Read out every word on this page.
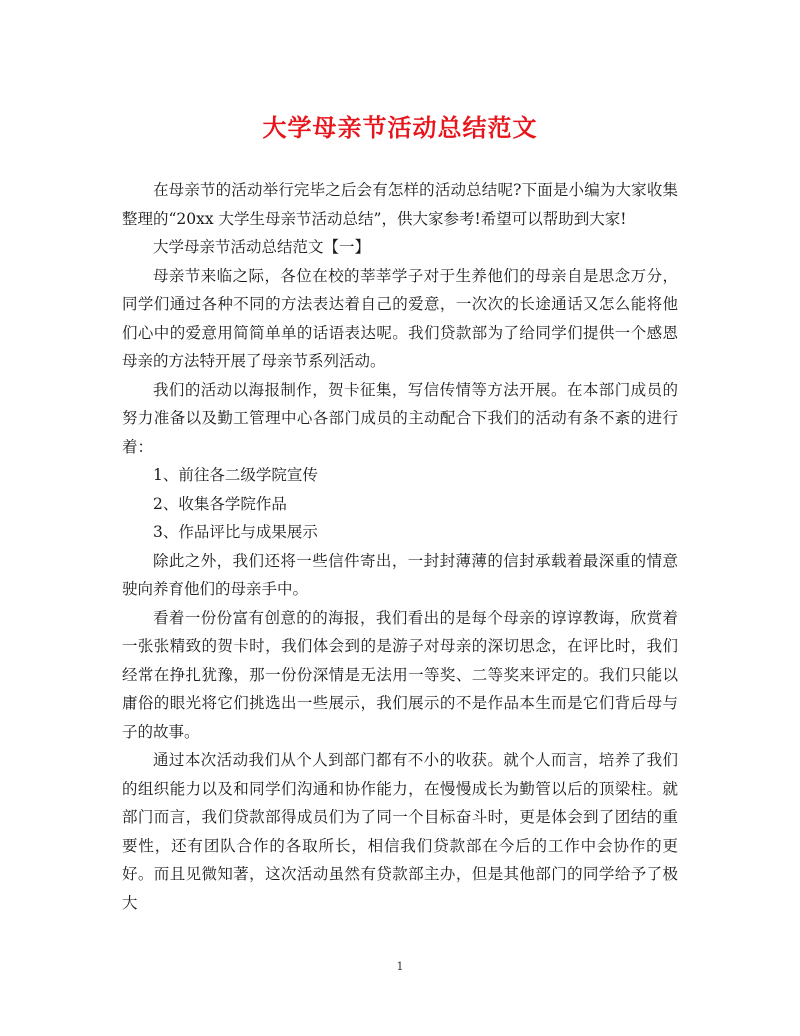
大学母亲节活动总结范文

在母亲节的活动举行完毕之后会有怎样的活动总结呢?下面是小编为大家收集整理的“20xx 大学生母亲节活动总结”，供大家参考!希望可以帮助到大家!

大学母亲节活动总结范文【一】

母亲节来临之际，各位在校的莘莘学子对于生养他们的母亲自是思念万分，同学们通过各种不同的方法表达着自己的爱意，一次次的长途通话又怎么能将他们心中的爱意用简简单单的话语表达呢。我们贷款部为了给同学们提供一个感恩母亲的方法特开展了母亲节系列活动。

我们的活动以海报制作，贺卡征集，写信传情等方法开展。在本部门成员的努力准备以及勤工管理中心各部门成员的主动配合下我们的活动有条不紊的进行着：

1、前往各二级学院宣传

2、收集各学院作品

3、作品评比与成果展示

除此之外，我们还将一些信件寄出，一封封薄薄的信封承载着最深重的情意驶向养育他们的母亲手中。

看着一份份富有创意的的海报，我们看出的是每个母亲的谆谆教诲，欣赏着一张张精致的贺卡时，我们体会到的是游子对母亲的深切思念，在评比时，我们经常在挣扎犹豫，那一份份深情是无法用一等奖、二等奖来评定的。我们只能以庸俗的眼光将它们挑选出一些展示，我们展示的不是作品本生而是它们背后母与子的故事。

通过本次活动我们从个人到部门都有不小的收获。就个人而言，培养了我们的组织能力以及和同学们沟通和协作能力，在慢慢成长为勤管以后的顶梁柱。就部门而言，我们贷款部得成员们为了同一个目标奋斗时，更是体会到了团结的重要性，还有团队合作的各取所长，相信我们贷款部在今后的工作中会协作的更好。而且见微知著，这次活动虽然有贷款部主办，但是其他部门的同学给予了极大

1
